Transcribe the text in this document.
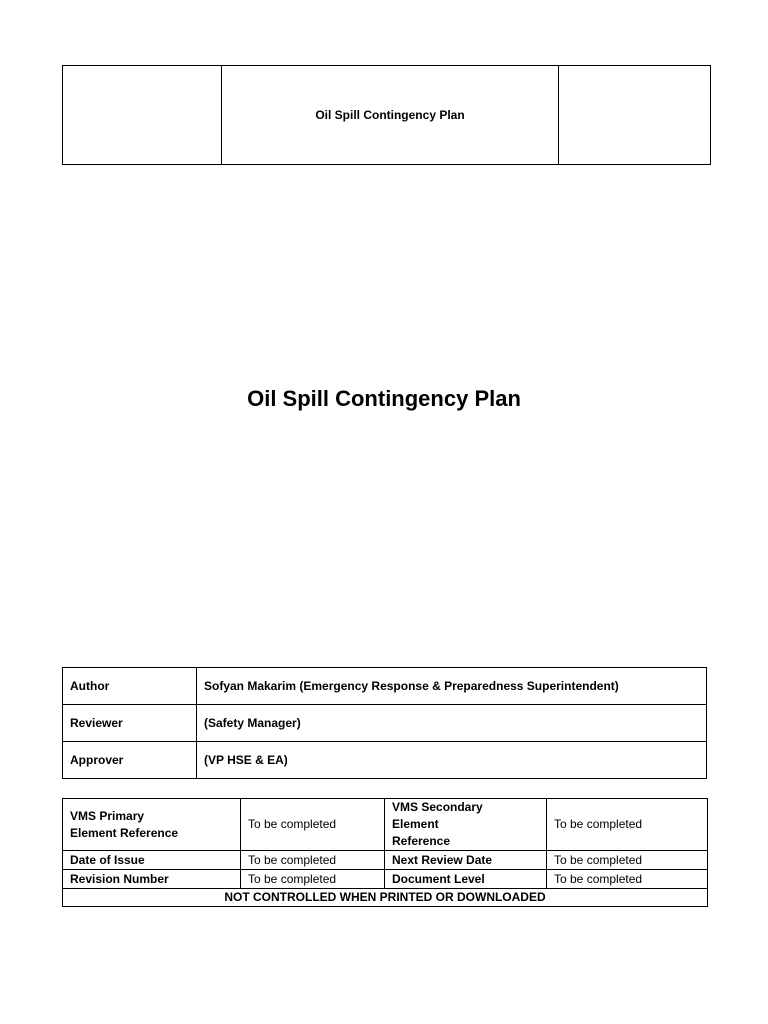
	Oil Spill Contingency Plan	
Oil Spill Contingency Plan
Author	Sofyan Makarim (Emergency Response & Preparedness Superintendent)
Reviewer	(Safety Manager)
Approver	(VP HSE & EA)
VMS Primary Element Reference	To be completed	VMS Secondary Element Reference	To be completed
Date of Issue	To be completed	Next Review Date	To be completed
Revision Number	To be completed	Document Level	To be completed
NOT CONTROLLED WHEN PRINTED OR DOWNLOADED			
